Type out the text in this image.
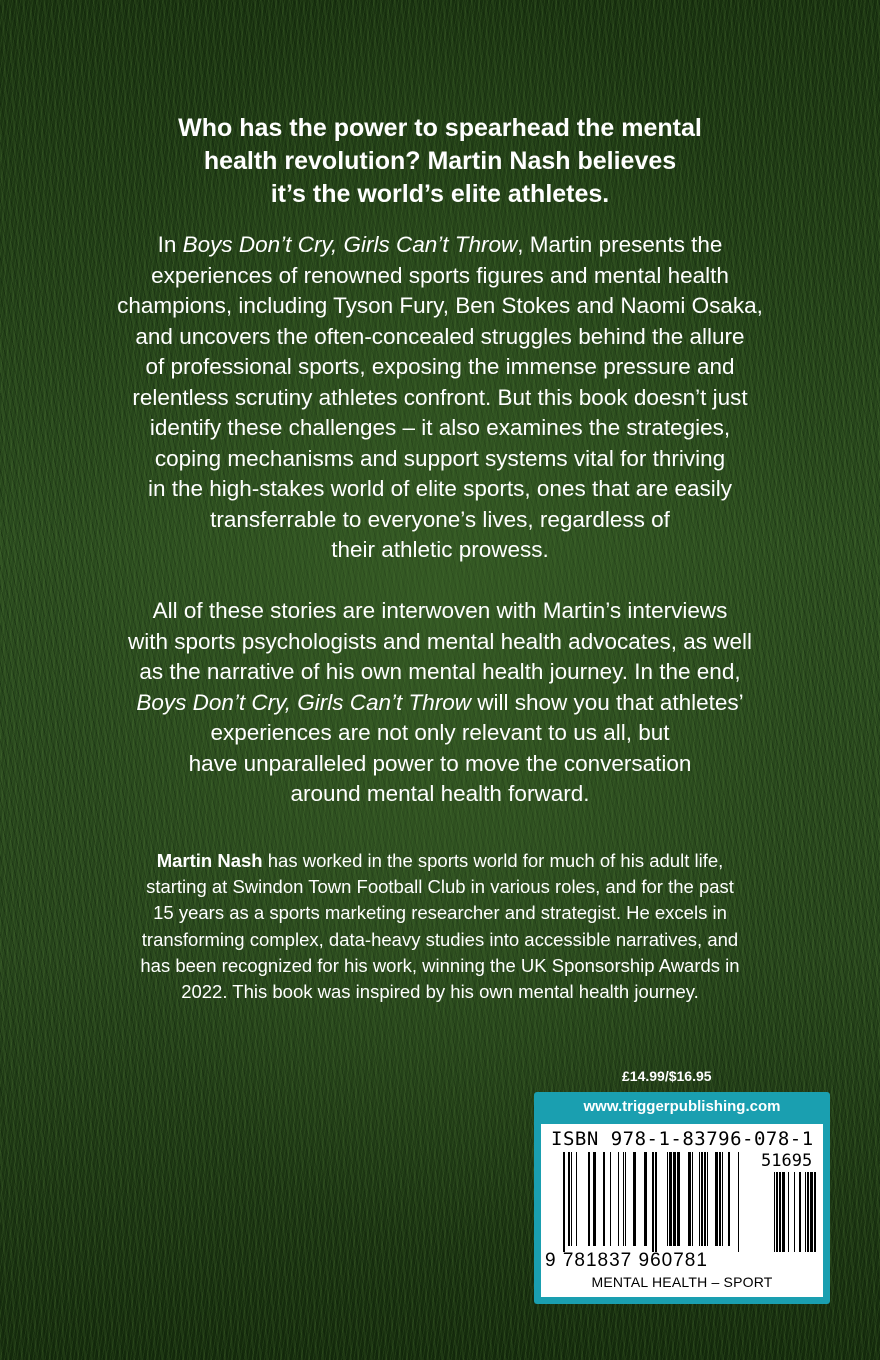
Who has the power to spearhead the mental
health revolution? Martin Nash believes
it’s the world’s elite athletes.
In Boys Don’t Cry, Girls Can’t Throw, Martin presents the
experiences of renowned sports figures and mental health
champions, including Tyson Fury, Ben Stokes and Naomi Osaka,
and uncovers the often-concealed struggles behind the allure
of professional sports, exposing the immense pressure and
relentless scrutiny athletes confront. But this book doesn’t just
identify these challenges – it also examines the strategies,
coping mechanisms and support systems vital for thriving
in the high-stakes world of elite sports, ones that are easily
transferrable to everyone’s lives, regardless of
their athletic prowess.
All of these stories are interwoven with Martin’s interviews
with sports psychologists and mental health advocates, as well
as the narrative of his own mental health journey. In the end,
Boys Don’t Cry, Girls Can’t Throw will show you that athletes’
experiences are not only relevant to us all, but
have unparalleled power to move the conversation
around mental health forward.
Martin Nash has worked in the sports world for much of his adult life,
starting at Swindon Town Football Club in various roles, and for the past
15 years as a sports marketing researcher and strategist. He excels in
transforming complex, data-heavy studies into accessible narratives, and
has been recognized for his work, winning the UK Sponsorship Awards in
2022. This book was inspired by his own mental health journey.
£14.99/$16.95
www.triggerpublishing.com
ISBN 978-1-83796-078-1
51695
9 781837 960781
MENTAL HEALTH – SPORT
